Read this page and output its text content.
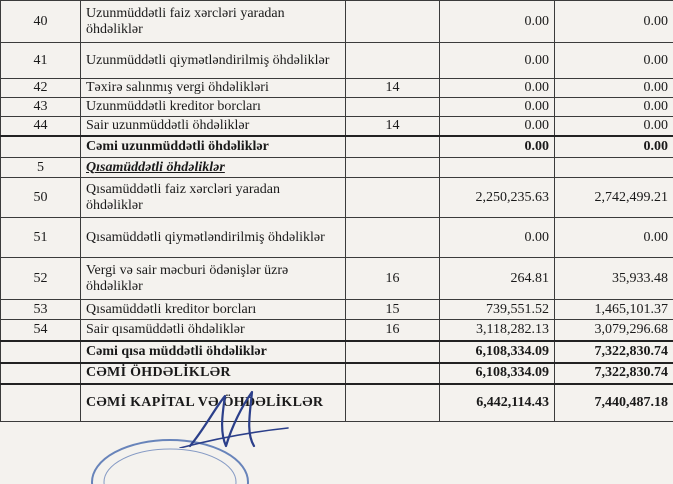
40	Uzunmüddətli faiz xərcləri yaradan öhdəliklər		0.00	0.00
41	Uzunmüddətli qiymətləndirilmiş öhdəliklər		0.00	0.00
42	Təxirə salınmış vergi öhdəlikləri	14	0.00	0.00
43	Uzunmüddətli kreditor borcları		0.00	0.00
44	Sair uzunmüddətli öhdəliklər	14	0.00	0.00
	Cəmi uzunmüddətli öhdəliklər		0.00	0.00
5	Qısamüddətli öhdəliklər			
50	Qısamüddətli faiz xərcləri yaradan öhdəliklər		2,250,235.63	2,742,499.21
51	Qısamüddətli qiymətləndirilmiş öhdəliklər		0.00	0.00
52	Vergi və sair məcburi ödənişlər üzrə öhdəliklər	16	264.81	35,933.48
53	Qısamüddətli kreditor borcları	15	739,551.52	1,465,101.37
54	Sair qısamüddətli öhdəliklər	16	3,118,282.13	3,079,296.68
	Cəmi qısa müddətli öhdəliklər		6,108,334.09	7,322,830.74
	CƏMİ ÖHDƏLİKLƏR		6,108,334.09	7,322,830.74
	CƏMİ KAPİTAL VƏ ÖHDƏLİKLƏR		6,442,114.43	7,440,487.18
